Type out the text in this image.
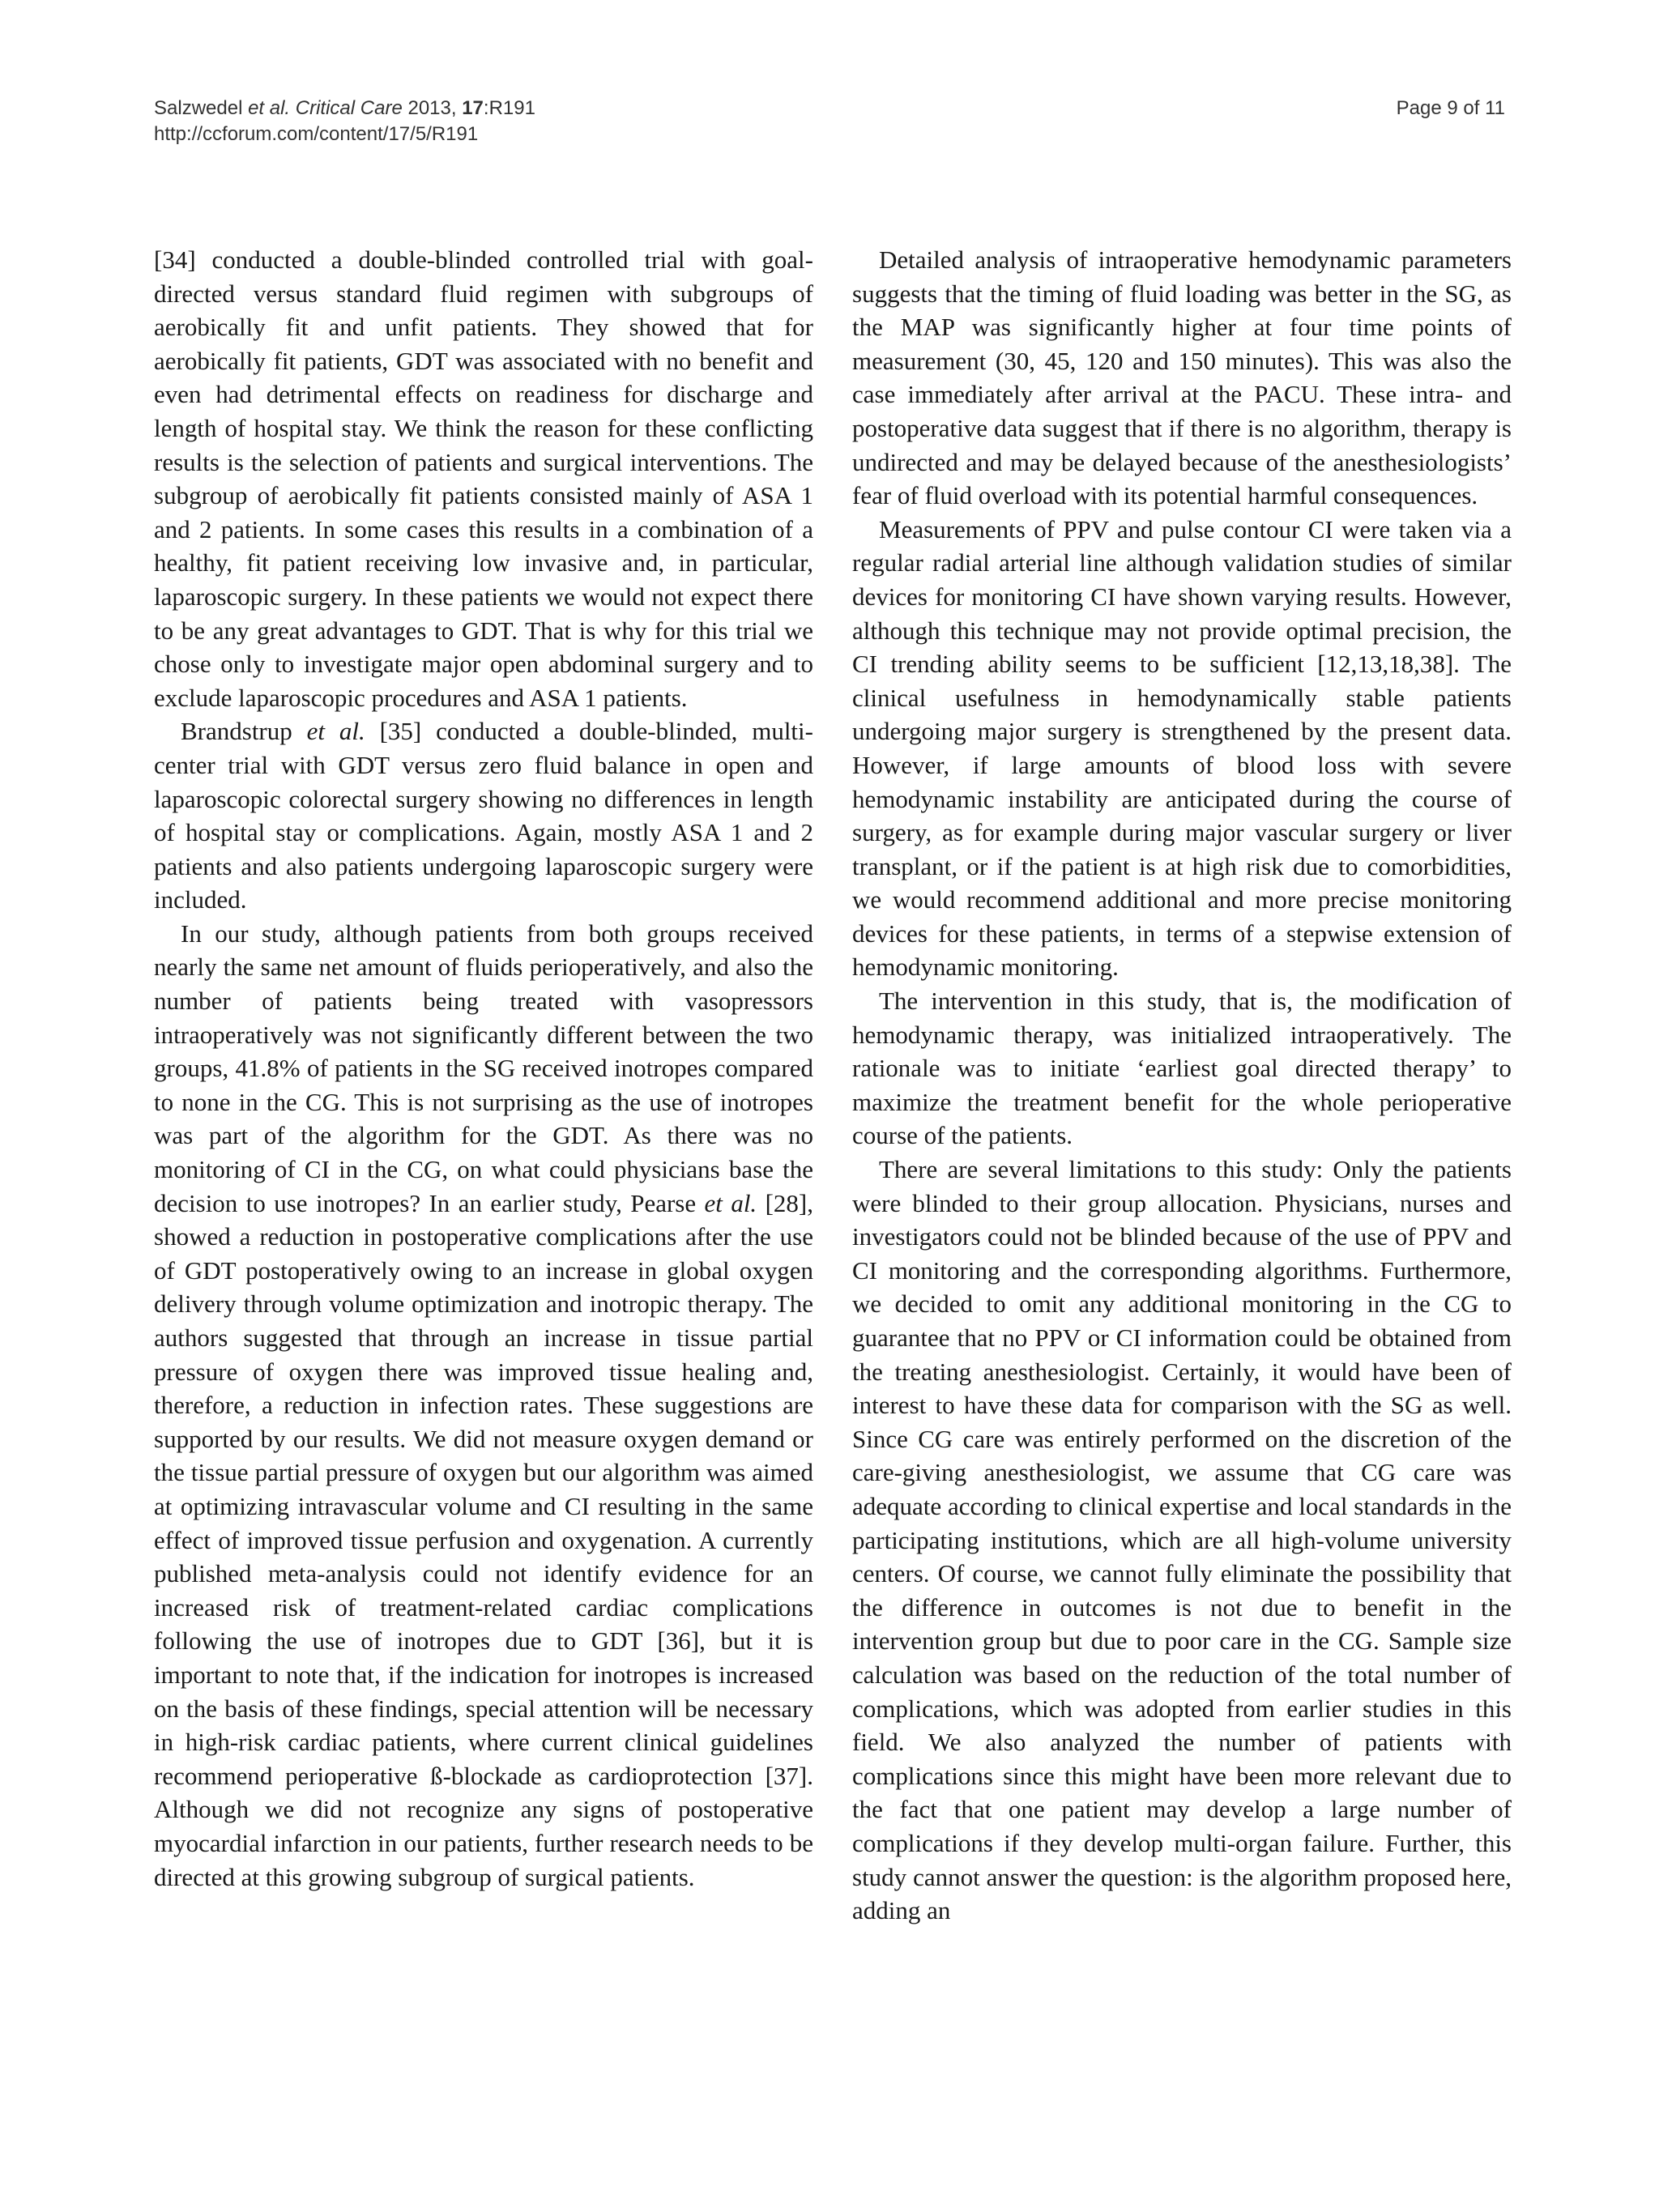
Salzwedel et al. Critical Care 2013, 17:R191
http://ccforum.com/content/17/5/R191
Page 9 of 11

[34] conducted a double-blinded controlled trial with goal-directed versus standard fluid regimen with subgroups of aerobically fit and unfit patients. They showed that for aerobically fit patients, GDT was associated with no benefit and even had detrimental effects on readiness for discharge and length of hospital stay. We think the reason for these conflicting results is the selection of patients and surgical interventions. The subgroup of aerobically fit patients consisted mainly of ASA 1 and 2 patients. In some cases this results in a combination of a healthy, fit patient receiving low invasive and, in particular, laparoscopic surgery. In these patients we would not expect there to be any great advantages to GDT. That is why for this trial we chose only to investigate major open abdominal surgery and to exclude laparoscopic procedures and ASA 1 patients.

Brandstrup et al. [35] conducted a double-blinded, multi-center trial with GDT versus zero fluid balance in open and laparoscopic colorectal surgery showing no differences in length of hospital stay or complications. Again, mostly ASA 1 and 2 patients and also patients undergoing laparoscopic surgery were included.

In our study, although patients from both groups received nearly the same net amount of fluids perioperatively, and also the number of patients being treated with vasopressors intraoperatively was not significantly different between the two groups, 41.8% of patients in the SG received inotropes compared to none in the CG. This is not surprising as the use of inotropes was part of the algorithm for the GDT. As there was no monitoring of CI in the CG, on what could physicians base the decision to use inotropes? In an earlier study, Pearse et al. [28], showed a reduction in postoperative complications after the use of GDT postoperatively owing to an increase in global oxygen delivery through volume optimization and inotropic therapy. The authors suggested that through an increase in tissue partial pressure of oxygen there was improved tissue healing and, therefore, a reduction in infection rates. These suggestions are supported by our results. We did not measure oxygen demand or the tissue partial pressure of oxygen but our algorithm was aimed at optimizing intravascular volume and CI resulting in the same effect of improved tissue perfusion and oxygenation. A currently published meta-analysis could not identify evidence for an increased risk of treatment-related cardiac complications following the use of inotropes due to GDT [36], but it is important to note that, if the indication for inotropes is increased on the basis of these findings, special attention will be necessary in high-risk cardiac patients, where current clinical guidelines recommend perioperative ß-blockade as cardioprotection [37]. Although we did not recognize any signs of postoperative myocardial infarction in our patients, further research needs to be directed at this growing subgroup of surgical patients.

Detailed analysis of intraoperative hemodynamic parameters suggests that the timing of fluid loading was better in the SG, as the MAP was significantly higher at four time points of measurement (30, 45, 120 and 150 minutes). This was also the case immediately after arrival at the PACU. These intra- and postoperative data suggest that if there is no algorithm, therapy is undirected and may be delayed because of the anesthesiologists’ fear of fluid overload with its potential harmful consequences.

Measurements of PPV and pulse contour CI were taken via a regular radial arterial line although validation studies of similar devices for monitoring CI have shown varying results. However, although this technique may not provide optimal precision, the CI trending ability seems to be sufficient [12,13,18,38]. The clinical usefulness in hemodynamically stable patients undergoing major surgery is strengthened by the present data. However, if large amounts of blood loss with severe hemodynamic instability are anticipated during the course of surgery, as for example during major vascular surgery or liver transplant, or if the patient is at high risk due to comorbidities, we would recommend additional and more precise monitoring devices for these patients, in terms of a stepwise extension of hemodynamic monitoring.

The intervention in this study, that is, the modification of hemodynamic therapy, was initialized intraoperatively. The rationale was to initiate ‘earliest goal directed therapy’ to maximize the treatment benefit for the whole perioperative course of the patients.

There are several limitations to this study: Only the patients were blinded to their group allocation. Physicians, nurses and investigators could not be blinded because of the use of PPV and CI monitoring and the corresponding algorithms. Furthermore, we decided to omit any additional monitoring in the CG to guarantee that no PPV or CI information could be obtained from the treating anesthesiologist. Certainly, it would have been of interest to have these data for comparison with the SG as well. Since CG care was entirely performed on the discretion of the care-giving anesthesiologist, we assume that CG care was adequate according to clinical expertise and local standards in the participating institutions, which are all high-volume university centers. Of course, we cannot fully eliminate the possibility that the difference in outcomes is not due to benefit in the intervention group but due to poor care in the CG. Sample size calculation was based on the reduction of the total number of complications, which was adopted from earlier studies in this field. We also analyzed the number of patients with complications since this might have been more relevant due to the fact that one patient may develop a large number of complications if they develop multi-organ failure. Further, this study cannot answer the question: is the algorithm proposed here, adding an
